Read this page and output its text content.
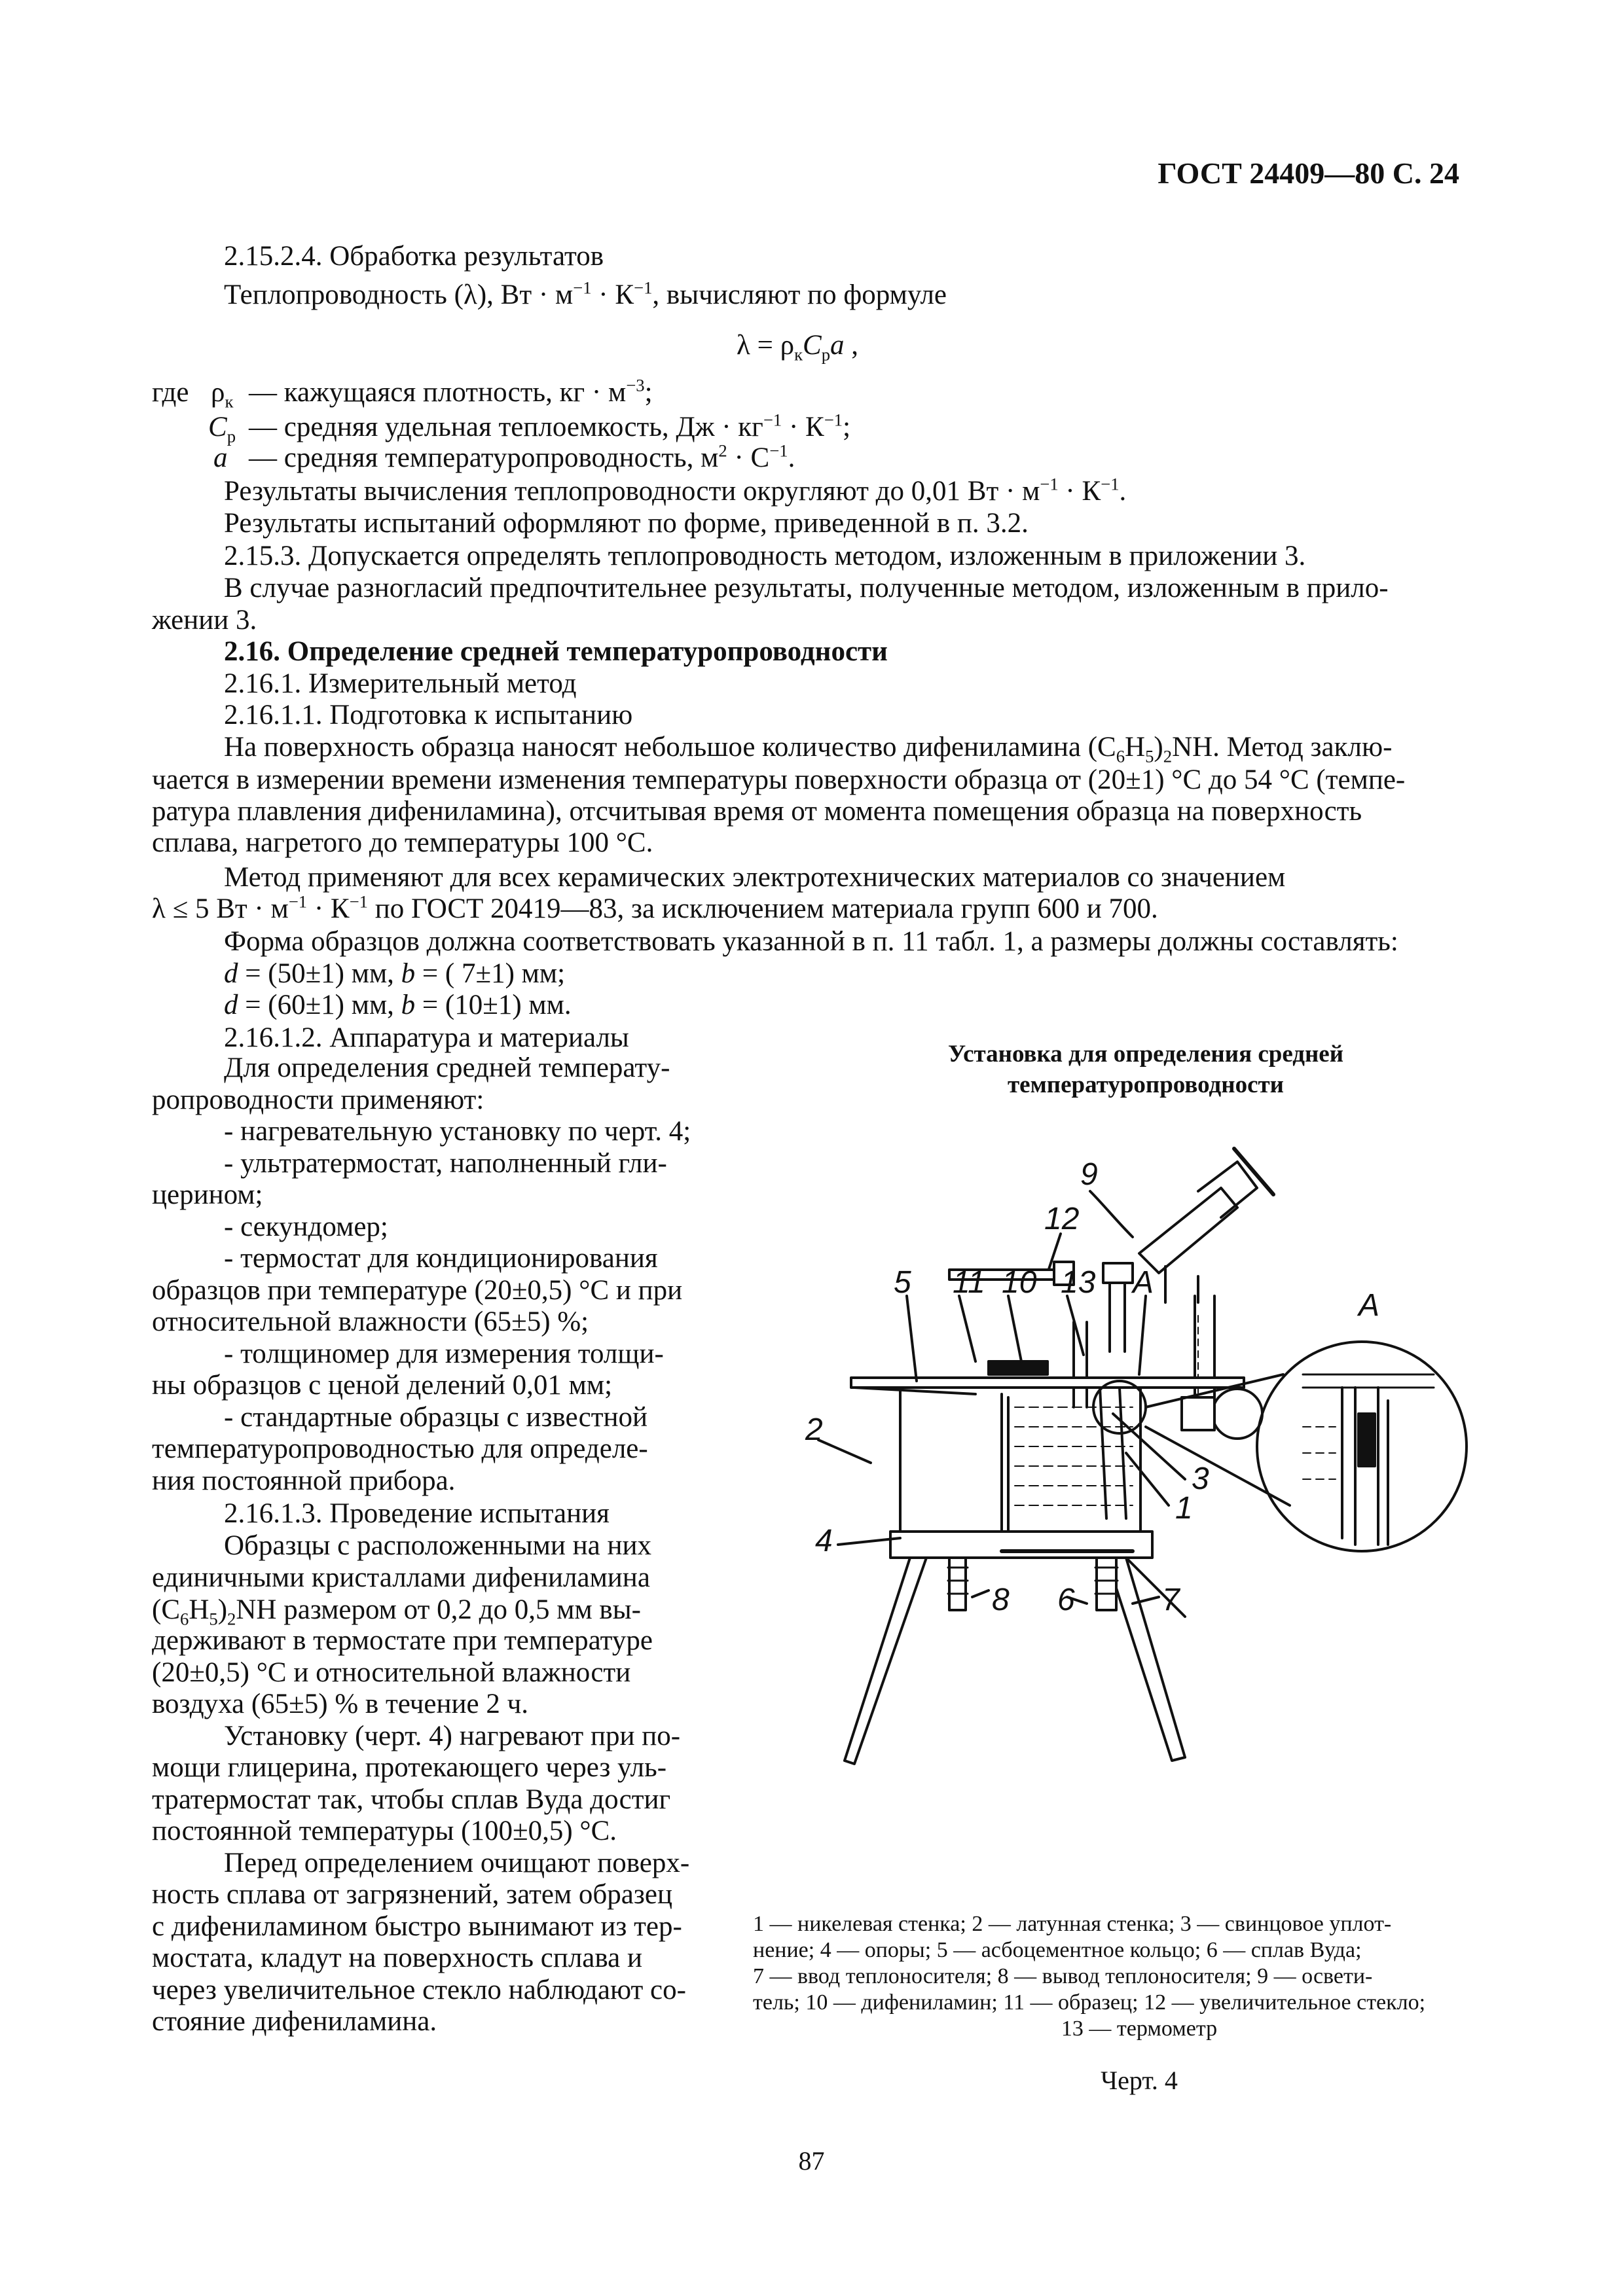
ГОСТ 24409—80 С. 24
2.15.2.4. Обработка результатов
Теплопроводность (λ), Вт · $м^{-1} \cdot К^{-1}$, вычисляют по формуле
$\lambda = \rho_кC_рa$ ,
где $\rho_к$ — кажущаяся плотность, кг · $м^{-3}$;
$C_р$ — средняя удельная теплоемкость, Дж · $кг^{-1} \cdot К^{-1}$;
a — средняя температуропроводность, $м^2 \cdot С^{-1}$.
Результаты вычисления теплопроводности округляют до 0,01 Вт · $м^{-1} \cdot К^{-1}$.
Результаты испытаний оформляют по форме, приведенной в п. 3.2.
2.15.3. Допускается определять теплопроводность методом, изложенным в приложении 3.
В случае разногласий предпочтительнее результаты, полученные методом, изложенным в прило-
жении 3.
2.16. Определение средней температуропроводности
2.16.1. Измерительный метод
2.16.1.1. Подготовка к испытанию
На поверхность образца наносят небольшое количество дифениламина $(C_6H_5)_2NH$. Метод заклю-
чается в измерении времени изменения температуры поверхности образца от (20±1) °С до 54 °С (темпе-
ратура плавления дифениламина), отсчитывая время от момента помещения образца на поверхность
сплава, нагретого до температуры 100 °С.
Метод применяют для всех керамических электротехнических материалов со значением
λ ≤ 5 Вт · $м^{-1} \cdot К^{-1}$ по ГОСТ 20419—83, за исключением материала групп 600 и 700.
Форма образцов должна соответствовать указанной в п. 11 табл. 1, а размеры должны составлять:
d = (50±1) мм, b = ( 7±1) мм;
d = (60±1) мм, b = (10±1) мм.
2.16.1.2. Аппаратура и материалы
Для определения средней температу-
ропроводности применяют:
- нагревательную установку по черт. 4;
- ультратермостат, наполненный гли-
церином;
- секундомер;
- термостат для кондиционирования
образцов при температуре (20±0,5) °С и при
относительной влажности (65±5) %;
- толщиномер для измерения толщи-
ны образцов с ценой делений 0,01 мм;
- стандартные образцы с известной
температуропроводностью для определе-
ния постоянной прибора.
2.16.1.3. Проведение испытания
Образцы с расположенными на них
единичными кристаллами дифениламина
$(C_6H_5)_2NH$ размером от 0,2 до 0,5 мм вы-
держивают в термостате при температуре
(20±0,5) °С и относительной влажности
воздуха (65±5) % в течение 2 ч.
Установку (черт. 4) нагревают при по-
мощи глицерина, протекающего через уль-
тратермостат так, чтобы сплав Вуда достиг
постоянной температуры (100±0,5) °С.
Перед определением очищают поверх-
ность сплава от загрязнений, затем образец
с дифениламином быстро вынимают из тер-
мостата, кладут на поверхность сплава и
через увеличительное стекло наблюдают со-
стояние дифениламина.
Установка для определения средней
температуропроводности
9
12
5 11 10 13 А
А
2
3
1
4
8 6	7
1 — никелевая стенка; 2 — латунная стенка; 3 — свинцовое уплот-
нение; 4 — опоры; 5 — асбоцементное кольцо; 6 — сплав Вуда;
7 — ввод теплоносителя; 8 — вывод теплоносителя; 9 — освети-
тель; 10 — дифениламин; 11 — образец; 12 — увеличительное стекло;
13 — термометр
Черт. 4
87
